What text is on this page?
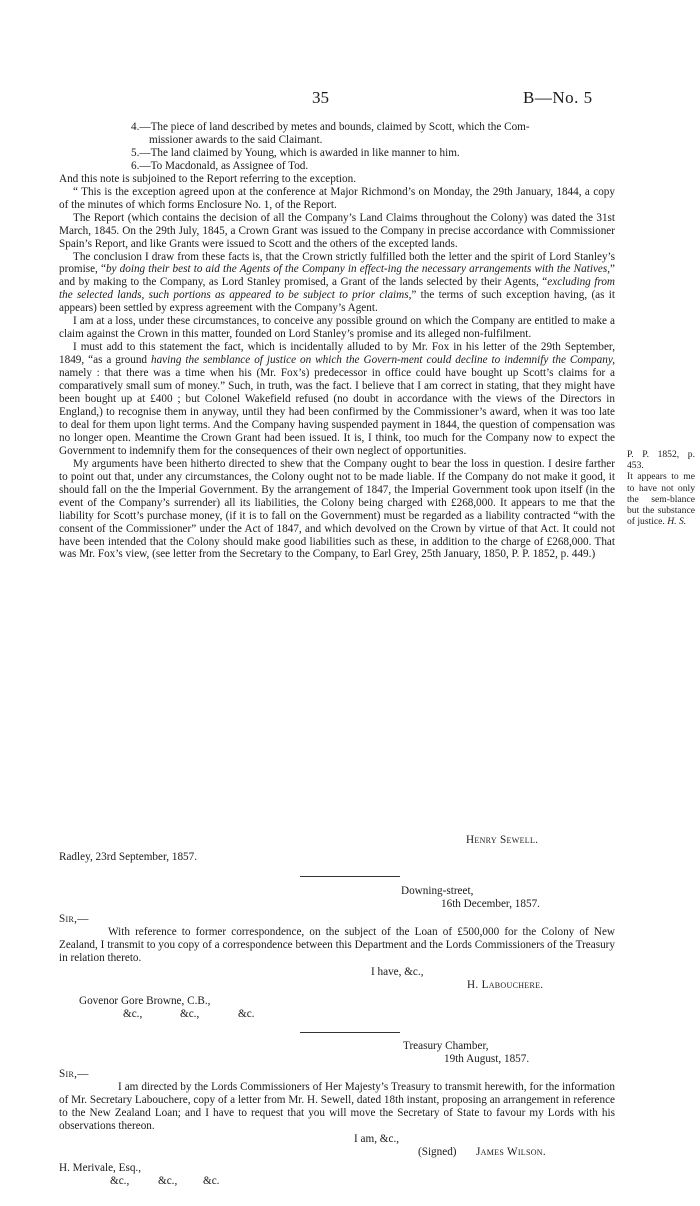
35	B—No. 5

4.—The piece of land described by metes and bounds, claimed by Scott, which the Com-
missioner awards to the said Claimant.

5.—The land claimed by Young, which is awarded in like manner to him.

6.—To Macdonald, as Assignee of Tod.

And this note is subjoined to the Report referring to the exception.

“ This is the exception agreed upon at the conference at Major Richmond’s on Monday, the 29th January, 1844, a copy of the minutes of which forms Enclosure No. 1, of the Report.

The Report (which contains the decision of all the Company’s Land Claims throughout the Colony) was dated the 31st March, 1845. On the 29th July, 1845, a Crown Grant was issued to the Company in precise accordance with Commissioner Spain’s Report, and like Grants were issued to Scott and the others of the excepted lands.

The conclusion I draw from these facts is, that the Crown strictly fulfilled both the letter and the spirit of Lord Stanley’s promise, “by doing their best to aid the Agents of the Company in effect-ing the necessary arrangements with the Natives,” and by making to the Company, as Lord Stanley promised, a Grant of the lands selected by their Agents, “excluding from the selected lands, such portions as appeared to be subject to prior claims,” the terms of such exception having, (as it appears) been settled by express agreement with the Company’s Agent.

I am at a loss, under these circumstances, to conceive any possible ground on which the Company are entitled to make a claim against the Crown in this matter, founded on Lord Stanley’s promise and its alleged non-fulfilment.

I must add to this statement the fact, which is incidentally alluded to by Mr. Fox in his letter of the 29th September, 1849, “as a ground having the semblance of justice on which the Govern-ment could decline to indemnify the Company, namely : that there was a time when his (Mr. Fox’s) predecessor in office could have bought up Scott’s claims for a comparatively small sum of money.” Such, in truth, was the fact. I believe that I am correct in stating, that they might have been bought up at £400 ; but Colonel Wakefield refused (no doubt in accordance with the views of the Directors in England,) to recognise them in anyway, until they had been confirmed by the Commissioner’s award, when it was too late to deal for them upon light terms. And the Company having suspended payment in 1844, the question of compensation was no longer open. Meantime the Crown Grant had been issued. It is, I think, too much for the Company now to expect the Government to indemnify them for the consequences of their own neglect of opportunities.

My arguments have been hitherto directed to shew that the Company ought to bear the loss in question. I desire farther to point out that, under any circumstances, the Colony ought not to be made liable. If the Company do not make it good, it should fall on the the Imperial Government. By the arrangement of 1847, the Imperial Government took upon itself (in the event of the Company’s surrender) all its liabilities, the Colony being charged with £268,000. It appears to me that the liability for Scott’s purchase money, (if it is to fall on the Government) must be regarded as a liability contracted “with the consent of the Commissioner” under the Act of 1847, and which devolved on the Crown by virtue of that Act. It could not have been intended that the Colony should make good liabilities such as these, in addition to the charge of £268,000. That was Mr. Fox’s view, (see letter from the Secretary to the Company, to Earl Grey, 25th January, 1850, P. P. 1852, p. 449.)

P. P. 1852, p. 453.
It appears to me to have not only the sem-blance but the substance of justice. H. S.
Henry Sewell.
Radley, 23rd September, 1857.
Downing-street,
16th December, 1857.
Sir,—

With reference to former correspondence, on the subject of the Loan of £500,000 for the Colony of New Zealand, I transmit to you copy of a correspondence between this Department and the Lords Commissioners of the Treasury in relation thereto.

I have, &c.,
H. Labouchere.
Govenor Gore Browne, C.B.,
&c.,	&c.,	&c.
Treasury Chamber,
19th August, 1857.
Sir,—

I am directed by the Lords Commissioners of Her Majesty’s Treasury to transmit herewith, for the information of Mr. Secretary Labouchere, copy of a letter from Mr. H. Sewell, dated 18th instant, proposing an arrangement in reference to the New Zealand Loan; and I have to request that you will move the Secretary of State to favour my Lords with his observations thereon.

I am, &c.,
(Signed) James Wilson.
H. Merivale, Esq.,
&c.,	&c., &c.
